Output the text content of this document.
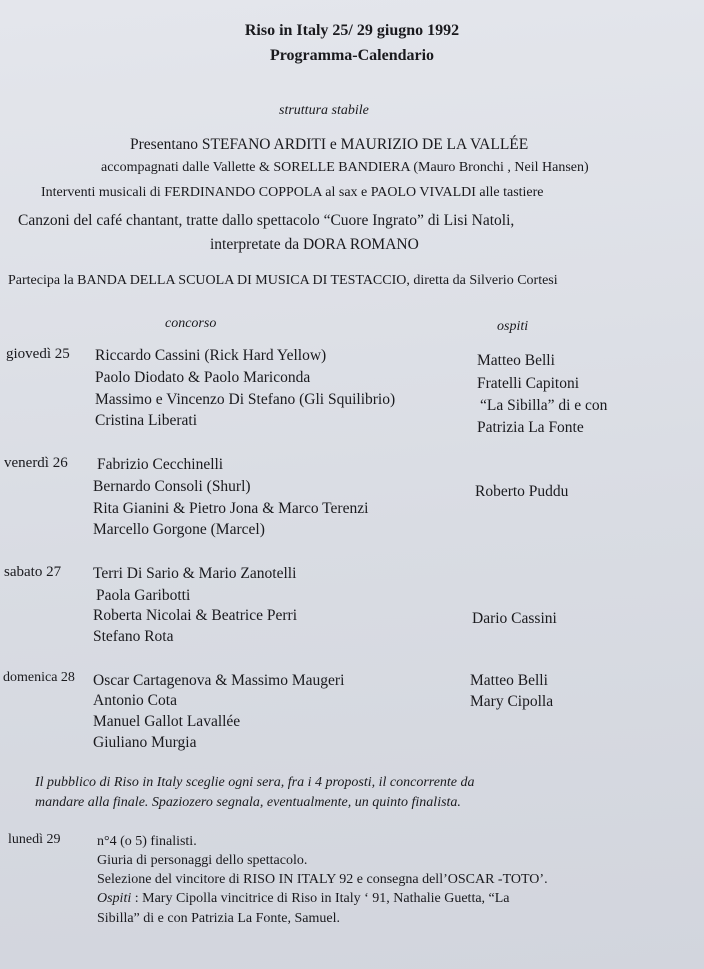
Riso in Italy 25/ 29 giugno 1992
Programma-Calendario
struttura stabile
Presentano STEFANO ARDITI e MAURIZIO DE LA VALLÉE
accompagnati dalle Vallette & SORELLE BANDIERA (Mauro Bronchi , Neil Hansen)
Interventi musicali di FERDINANDO COPPOLA al sax e PAOLO VIVALDI alle tastiere
Canzoni del café chantant, tratte dallo spettacolo “Cuore Ingrato” di Lisi Natoli,
interpretate da DORA ROMANO
Partecipa la BANDA DELLA SCUOLA DI MUSICA DI TESTACCIO, diretta da Silverio Cortesi
concorso	ospiti
giovedì 25 Riccardo Cassini (Rick Hard Yellow)
Paolo Diodato & Paolo Mariconda
Massimo e Vincenzo Di Stefano (Gli Squilibrio)
Cristina Liberati
Matteo Belli
Fratelli Capitoni
“La Sibilla” di e con
Patrizia La Fonte
venerdì 26 Fabrizio Cecchinelli
Bernardo Consoli (Shurl)
Rita Gianini & Pietro Jona & Marco Terenzi
Marcello Gorgone (Marcel)
Roberto Puddu
sabato 27 Terri Di Sario & Mario Zanotelli
Paola Garibotti
Roberta Nicolai & Beatrice Perri
Stefano Rota
Dario Cassini
domenica 28 Oscar Cartagenova & Massimo Maugeri
Antonio Cota
Manuel Gallot Lavallée
Giuliano Murgia
Matteo Belli
Mary Cipolla
Il pubblico di Riso in Italy sceglie ogni sera, fra i 4 proposti, il concorrente da
mandare alla finale. Spaziozero segnala, eventualmente, un quinto finalista.
lunedì 29	n°4 (o 5) finalisti.
Giuria di personaggi dello spettacolo.
Selezione del vincitore di RISO IN ITALY 92 e consegna dell’OSCAR -TOTO’.
Ospiti : Mary Cipolla vincitrice di Riso in Italy ‘ 91, Nathalie Guetta, “La
Sibilla” di e con Patrizia La Fonte, Samuel.
